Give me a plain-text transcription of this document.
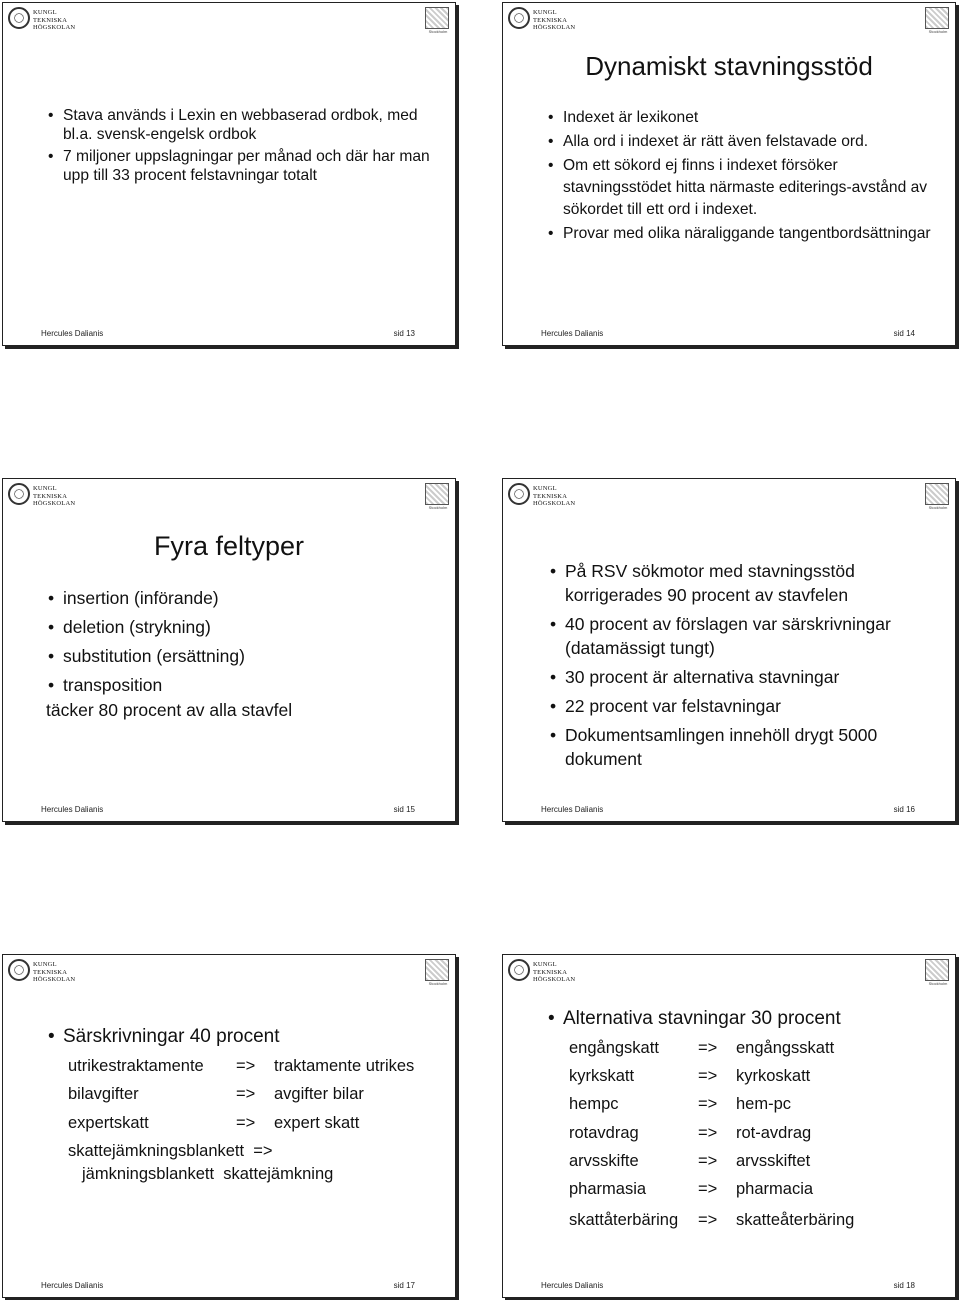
KUNGL
TEKNISKA
HÖGSKOLAN
Stockholm
• Stava används i Lexin en webbaserad ordbok, med bl.a. svensk-engelsk ordbok
• 7 miljoner uppslagningar per månad och där har man upp till 33 procent felstavningar totalt
Hercules Dalianis	sid 13
KUNGL
TEKNISKA
HÖGSKOLAN
Stockholm
Dynamiskt stavningsstöd
• Indexet är lexikonet
• Alla ord i indexet är rätt även felstavade ord.
• Om ett sökord ej finns i indexet försöker stavningsstödet hitta närmaste editerings-avstånd av sökordet till ett ord i indexet.
• Provar med olika näraliggande tangentbordsättningar
Hercules Dalianis	sid 14
KUNGL
TEKNISKA
HÖGSKOLAN
Stockholm
Fyra feltyper
• insertion (införande)
• deletion (strykning)
• substitution (ersättning)
• transposition
täcker 80 procent av alla stavfel
Hercules Dalianis	sid 15
KUNGL
TEKNISKA
HÖGSKOLAN
Stockholm
• På RSV sökmotor med stavningsstöd korrigerades 90 procent av stavfelen
• 40 procent av förslagen var särskrivningar (datamässigt tungt)
• 30 procent är alternativa stavningar
• 22 procent var felstavningar
• Dokumentsamlingen innehöll drygt 5000 dokument
Hercules Dalianis	sid 16
KUNGL
TEKNISKA
HÖGSKOLAN
Stockholm
• Särskrivningar 40 procent
utrikestraktamente => traktamente utrikes
bilavgifter	=> avgifter bilar
expertskatt	=> expert skatt
skattejämkningsblankett  =>
jämkningsblankett  skattejämkning
Hercules Dalianis	sid 17
KUNGL
TEKNISKA
HÖGSKOLAN
Stockholm
• Alternativa stavningar 30 procent
engångskatt => engångsskatt
kyrkskatt	=> kyrkoskatt
hempc	=> hem-pc
rotavdrag	=> rot-avdrag
arvsskifte	=> arvsskiftet
pharmasia	=> pharmacia
skattåterbäring => skatteåterbäring
Hercules Dalianis	sid 18
